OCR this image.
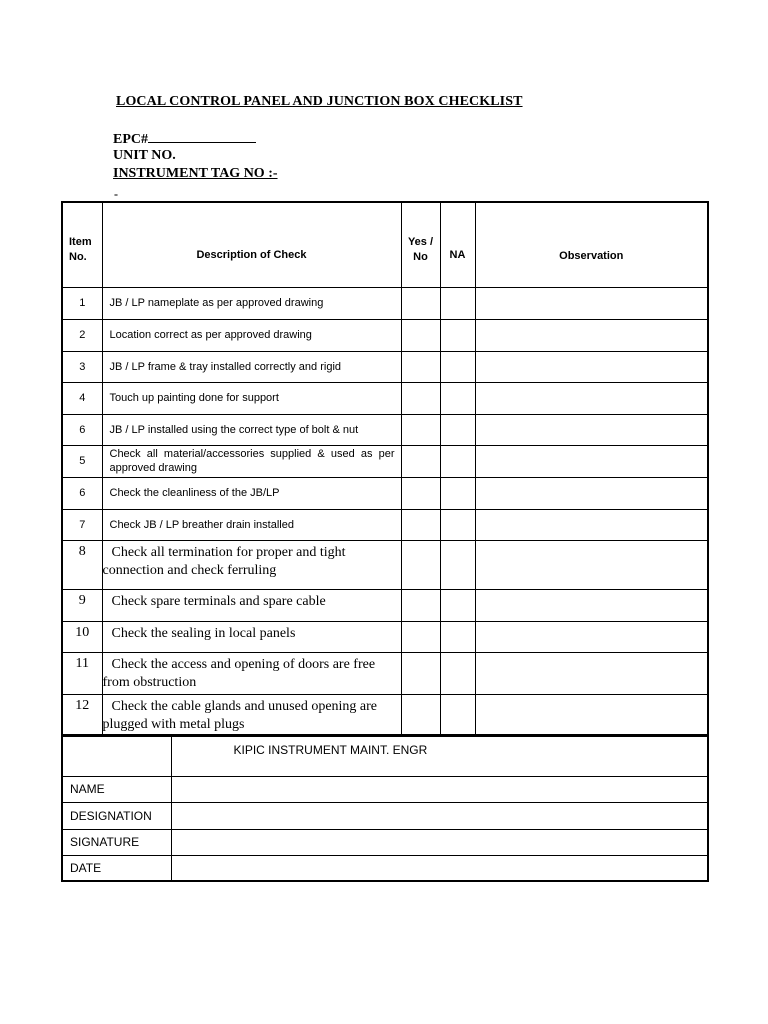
LOCAL CONTROL PANEL AND JUNCTION BOX CHECKLIST
EPC#
UNIT NO.
INSTRUMENT TAG NO :-
-
Item No.	Description of Check	Yes / No	NA	Observation
1	JB / LP nameplate as per approved drawing			
2	Location correct as per approved drawing			
3	JB / LP frame & tray installed correctly and rigid			
4	Touch up painting done for support			
6	JB / LP installed using the correct type of bolt & nut			
5	Check all material/accessories supplied & used as per approved drawing			
6	Check the cleanliness of the JB/LP			
7	Check JB / LP breather drain installed			
8	Check all termination for proper and tight
connection and check ferruling			
9	Check spare terminals and spare cable			
10	Check the sealing in local panels			
11	Check the access and opening of doors are free
from obstruction			
12	Check the cable glands and unused opening are
plugged with metal plugs			
	KIPIC INSTRUMENT MAINT. ENGR
NAME	
DESIGNATION	
SIGNATURE	
DATE	
